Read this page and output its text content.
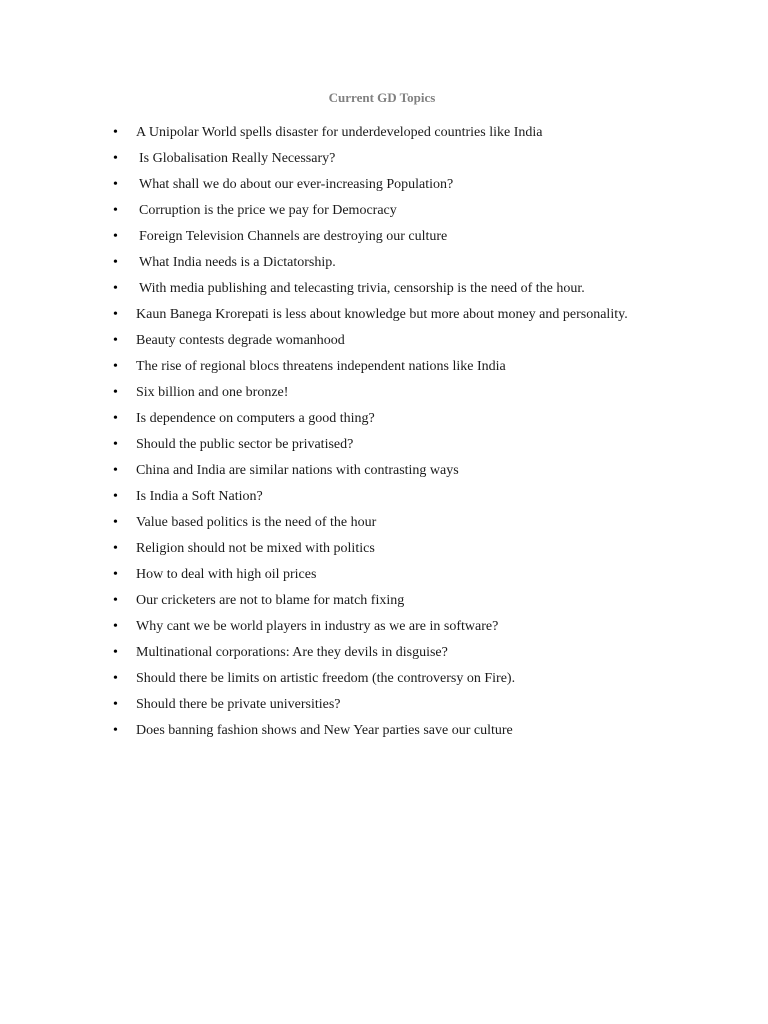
Current GD Topics
• A Unipolar World spells disaster for underdeveloped countries like India
• Is Globalisation Really Necessary?
• What shall we do about our ever-increasing Population?
• Corruption is the price we pay for Democracy
• Foreign Television Channels are destroying our culture
• What India needs is a Dictatorship.
• With media publishing and telecasting trivia, censorship is the need of the hour.
• Kaun Banega Krorepati is less about knowledge but more about money and personality.
• Beauty contests degrade womanhood
• The rise of regional blocs threatens independent nations like India
• Six billion and one bronze!
• Is dependence on computers a good thing?
• Should the public sector be privatised?
• China and India are similar nations with contrasting ways
• Is India a Soft Nation?
• Value based politics is the need of the hour
• Religion should not be mixed with politics
• How to deal with high oil prices
• Our cricketers are not to blame for match fixing
• Why cant we be world players in industry as we are in software?
• Multinational corporations: Are they devils in disguise?
• Should there be limits on artistic freedom (the controversy on Fire).
• Should there be private universities?
• Does banning fashion shows and New Year parties save our culture
